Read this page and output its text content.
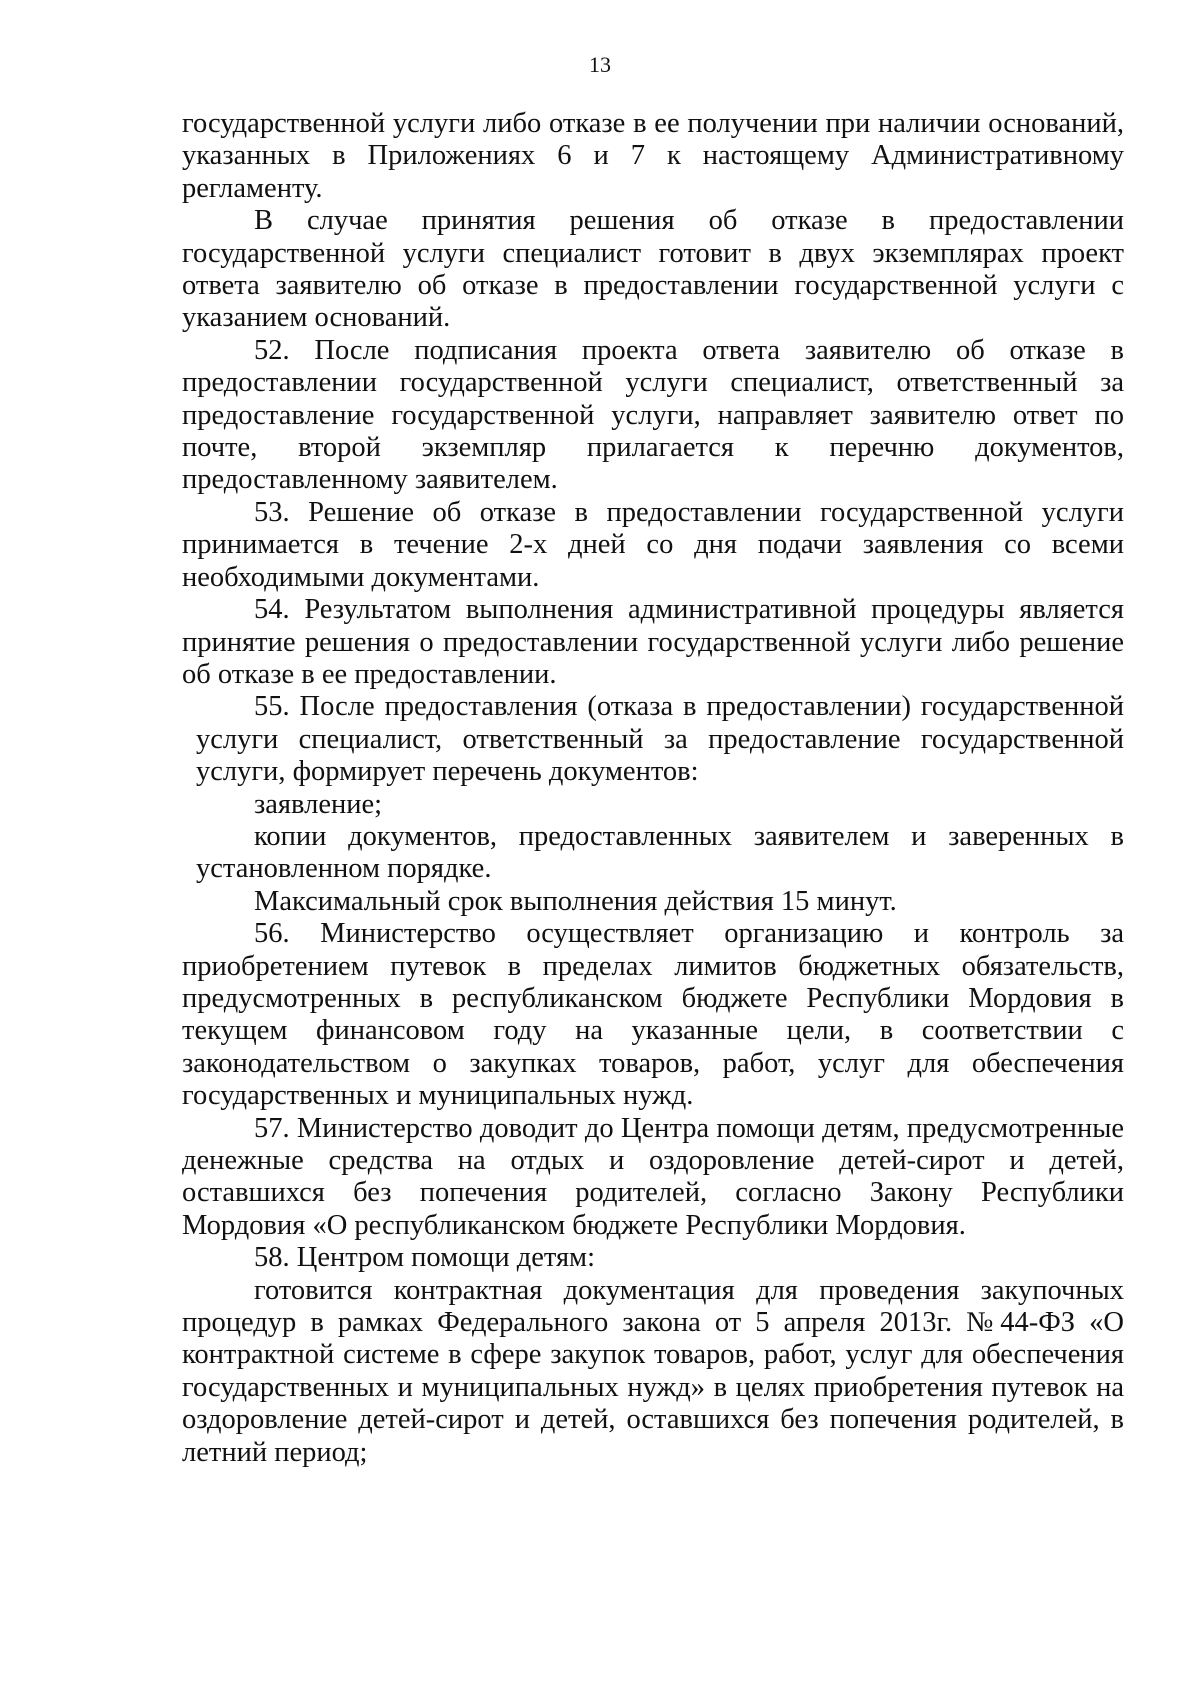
13

государственной услуги либо отказе в ее получении при наличии оснований, указанных в Приложениях 6 и 7 к настоящему Административному регламенту.

В случае принятия решения об отказе в предоставлении государственной услуги специалист готовит в двух экземплярах проект ответа заявителю об отказе в предоставлении государственной услуги с указанием оснований.

52. После подписания проекта ответа заявителю об отказе в предоставлении государственной услуги специалист, ответственный за предоставление государственной услуги, направляет заявителю ответ по почте, второй экземпляр прилагается к перечню документов, предоставленному заявителем.

53. Решение об отказе в предоставлении государственной услуги принимается в течение 2-х дней со дня подачи заявления со всеми необходимыми документами.

54. Результатом выполнения административной процедуры является принятие решения о предоставлении государственной услуги либо решение об отказе в ее предоставлении.

55. После предоставления (отказа в предоставлении) государственной услуги специалист, ответственный за предоставление государственной услуги, формирует перечень документов:

заявление;

копии документов, предоставленных заявителем и заверенных в установленном порядке.

Максимальный срок выполнения действия 15 минут.

56. Министерство осуществляет организацию и контроль за приобретением путевок в пределах лимитов бюджетных обязательств, предусмотренных в республиканском бюджете Республики Мордовия в текущем финансовом году на указанные цели, в соответствии с законодательством о закупках товаров, работ, услуг для обеспечения государственных и муниципальных нужд.

57. Министерство доводит до Центра помощи детям, предусмотренные денежные средства на отдых и оздоровление детей-сирот и детей, оставшихся без попечения родителей, согласно Закону Республики Мордовия «О республиканском бюджете Республики Мордовия.

58. Центром помощи детям:

готовится контрактная документация для проведения закупочных процедур в рамках Федерального закона от 5 апреля 2013г. №44-ФЗ «О контрактной системе в сфере закупок товаров, работ, услуг для обеспечения государственных и муниципальных нужд» в целях приобретения путевок на оздоровление детей-сирот и детей, оставшихся без попечения родителей, в летний период;
